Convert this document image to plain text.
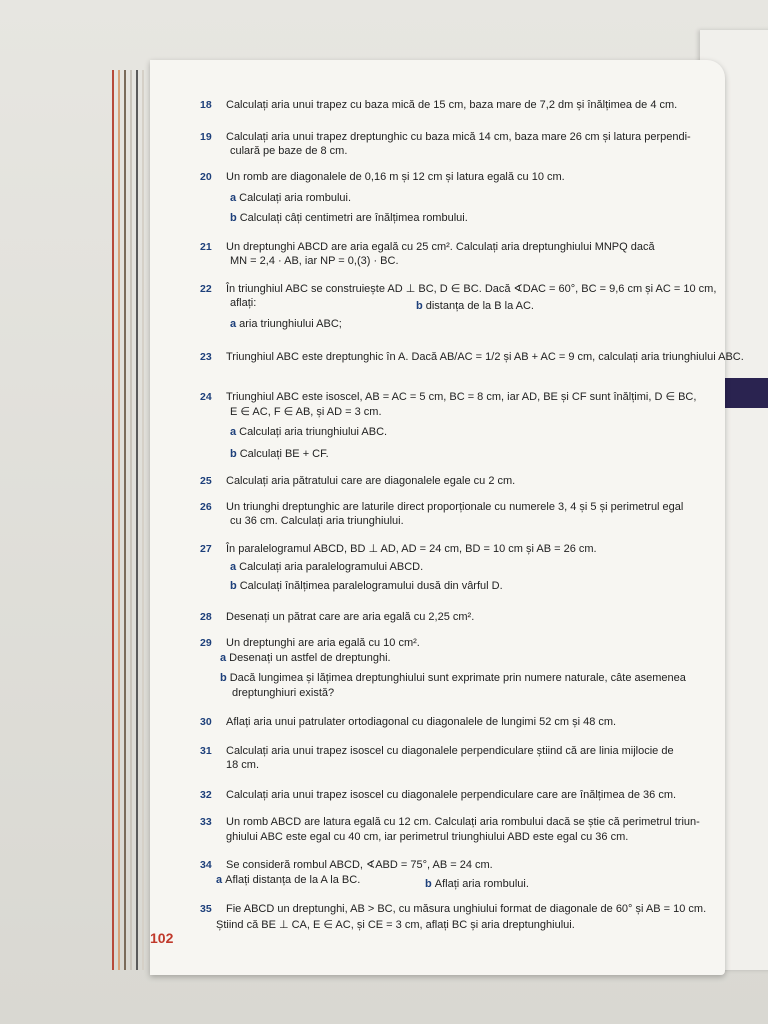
18 Calculați aria unui trapez cu baza mică de 15 cm, baza mare de 7,2 dm și înălțimea de 4 cm.
19 Calculați aria unui trapez dreptunghic cu baza mică 14 cm, baza mare 26 cm și latura perpendi-
culară pe baze de 8 cm.
20 Un romb are diagonalele de 0,16 m și 12 cm și latura egală cu 10 cm.
a Calculați aria rombului.
b Calculați câți centimetri are înălțimea rombului.
21 Un dreptunghi ABCD are aria egală cu 25 cm². Calculați aria dreptunghiului MNPQ dacă
MN = 2,4 · AB, iar NP = 0,(3) · BC.
22 În triunghiul ABC se construiește AD ⊥ BC, D ∈ BC. Dacă ∢DAC = 60°, BC = 9,6 cm și AC = 10 cm,
aflați:
a aria triunghiului ABC;
b distanța de la B la AC.
23 Triunghiul ABC este dreptunghic în A. Dacă AB/AC = 1/2 și AB + AC = 9 cm, calculați aria triunghiului ABC.
24 Triunghiul ABC este isoscel, AB = AC = 5 cm, BC = 8 cm, iar AD, BE și CF sunt înălțimi, D ∈ BC,
E ∈ AC, F ∈ AB, și AD = 3 cm.
a Calculați aria triunghiului ABC.
b Calculați BE + CF.
25 Calculați aria pătratului care are diagonalele egale cu 2 cm.
26 Un triunghi dreptunghic are laturile direct proporționale cu numerele 3, 4 și 5 și perimetrul egal
cu 36 cm. Calculați aria triunghiului.
27 În paralelogramul ABCD, BD ⊥ AD, AD = 24 cm, BD = 10 cm și AB = 26 cm.
a Calculați aria paralelogramului ABCD.
b Calculați înălțimea paralelogramului dusă din vârful D.
28 Desenați un pătrat care are aria egală cu 2,25 cm².
29 Un dreptunghi are aria egală cu 10 cm².
a Desenați un astfel de dreptunghi.
b Dacă lungimea și lățimea dreptunghiului sunt exprimate prin numere naturale, câte asemenea
dreptunghiuri există?
30 Aflați aria unui patrulater ortodiagonal cu diagonalele de lungimi 52 cm și 48 cm.
31 Calculați aria unui trapez isoscel cu diagonalele perpendiculare știind că are linia mijlocie de
18 cm.
32 Calculați aria unui trapez isoscel cu diagonalele perpendiculare care are înălțimea de 36 cm.
33 Un romb ABCD are latura egală cu 12 cm. Calculați aria rombului dacă se știe că perimetrul triun-
ghiului ABC este egal cu 40 cm, iar perimetrul triunghiului ABD este egal cu 36 cm.
34 Se consideră rombul ABCD, ∢ABD = 75°, AB = 24 cm.
a Aflați distanța de la A la BC.	b Aflați aria rombului.
35 Fie ABCD un dreptunghi, AB > BC, cu măsura unghiului format de diagonale de 60° și AB = 10 cm.
Știind că BE ⊥ CA, E ∈ AC, și CE = 3 cm, aflați BC și aria dreptunghiului.
102
